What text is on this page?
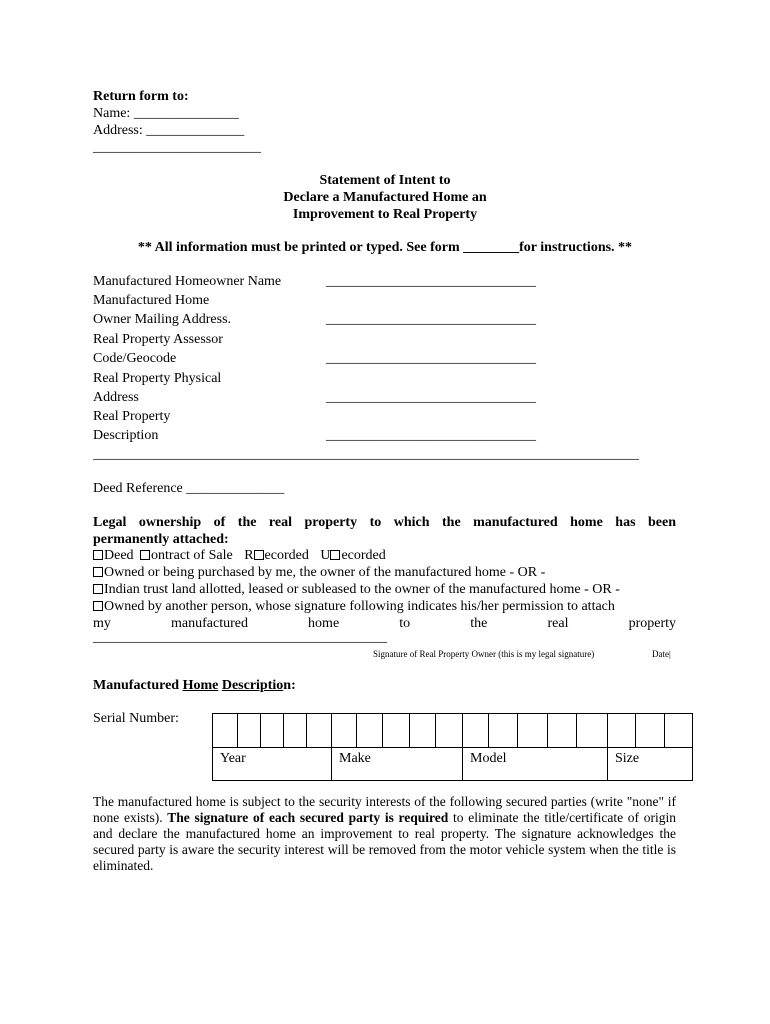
Return form to:
Name: _______________
Address: ______________
________________________
Statement of Intent to
Declare a Manufactured Home an
Improvement to Real Property
** All information must be printed or typed. See form ________for instructions. **
Manufactured Homeowner Name	______________________________
Manufactured Home
Owner Mailing Address.	______________________________
Real Property Assessor
Code/Geocode	______________________________
Real Property Physical
Address	______________________________
Real Property
Description	______________________________
______________________________________________________________________________
Deed Reference ______________
Legal ownership of the real property to which the manufactured home has been
permanently attached:
Deed ontract of Sale R ecorded U ecorded
Owned or being purchased by me, the owner of the manufactured home - OR -
Indian trust land allotted, leased or subleased to the owner of the manufactured home - OR -
Owned by another person, whose signature following indicates his/her permission to attach
my manufactured home to the real property
__________________________________________
Signature of Real Property Owner (this is my legal signature)	Date|
Manufactured Home Description:
Serial Number:

Year					Make					Model					Size		
The manufactured home is subject to the security interests of the following secured parties (write "none" if none exists). The signature of each secured party is required to eliminate the title/certificate of origin and declare the manufactured home an improvement to real property. The signature acknowledges the secured party is aware the security interest will be removed from the motor vehicle system when the title is eliminated.
